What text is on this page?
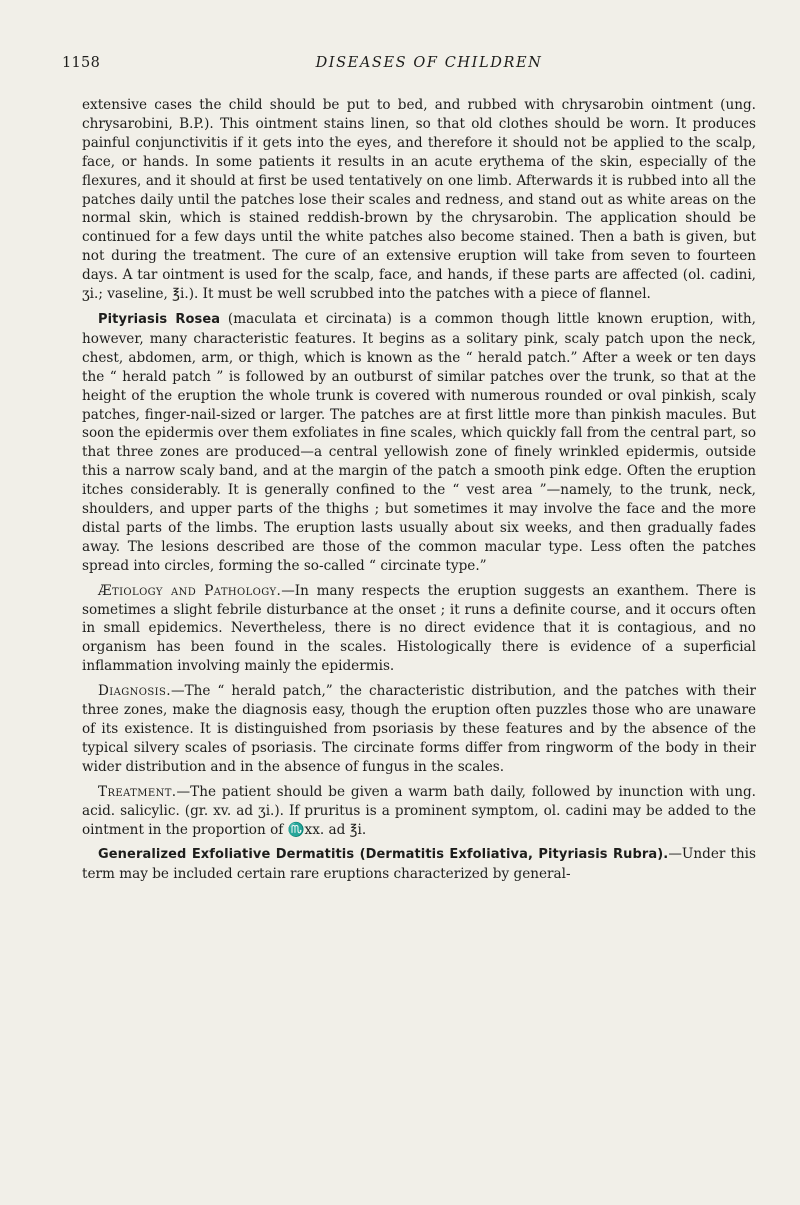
1158	DISEASES OF CHILDREN

extensive cases the child should be put to bed, and rubbed with chrysarobin ointment (ung. chrysarobini, B.P.). This ointment stains linen, so that old clothes should be worn. It produces painful conjunctivitis if it gets into the eyes, and therefore it should not be applied to the scalp, face, or hands. In some patients it results in an acute erythema of the skin, especially of the flexures, and it should at first be used tentatively on one limb. Afterwards it is rubbed into all the patches daily until the patches lose their scales and redness, and stand out as white areas on the normal skin, which is stained reddish-brown by the chrysarobin. The application should be continued for a few days until the white patches also become stained. Then a bath is given, but not during the treatment. The cure of an extensive eruption will take from seven to fourteen days. A tar ointment is used for the scalp, face, and hands, if these parts are affected (ol. cadini, ʒi.; vaseline, ℥i.). It must be well scrubbed into the patches with a piece of flannel.

Pityriasis Rosea (maculata et circinata) is a common though little known eruption, with, however, many characteristic features. It begins as a solitary pink, scaly patch upon the neck, chest, abdomen, arm, or thigh, which is known as the “ herald patch.” After a week or ten days the “ herald patch ” is followed by an outburst of similar patches over the trunk, so that at the height of the eruption the whole trunk is covered with numerous rounded or oval pinkish, scaly patches, finger-nail-sized or larger. The patches are at first little more than pinkish macules. But soon the epidermis over them exfoliates in fine scales, which quickly fall from the central part, so that three zones are produced—a central yellowish zone of finely wrinkled epidermis, outside this a narrow scaly band, and at the margin of the patch a smooth pink edge. Often the eruption itches considerably. It is generally confined to the “ vest area ”—namely, to the trunk, neck, shoulders, and upper parts of the thighs ; but sometimes it may involve the face and the more distal parts of the limbs. The eruption lasts usually about six weeks, and then gradually fades away. The lesions described are those of the common macular type. Less often the patches spread into circles, forming the so-called “ circinate type.”

Ætiology and Pathology.—In many respects the eruption suggests an exanthem. There is sometimes a slight febrile disturbance at the onset ; it runs a definite course, and it occurs often in small epidemics. Nevertheless, there is no direct evidence that it is contagious, and no organism has been found in the scales. Histologically there is evidence of a superficial inflammation involving mainly the epidermis.

Diagnosis.—The “ herald patch,” the characteristic distribution, and the patches with their three zones, make the diagnosis easy, though the eruption often puzzles those who are unaware of its existence. It is distinguished from psoriasis by these features and by the absence of the typical silvery scales of psoriasis. The circinate forms differ from ringworm of the body in their wider distribution and in the absence of fungus in the scales.

Treatment.—The patient should be given a warm bath daily, followed by inunction with ung. acid. salicylic. (gr. xv. ad ʒi.). If pruritus is a prominent symptom, ol. cadini may be added to the ointment in the proportion of ♏xx. ad ℥i.

Generalized Exfoliative Dermatitis (Dermatitis Exfoliativa, Pityriasis Rubra).—Under this term may be included certain rare eruptions characterized by general-
